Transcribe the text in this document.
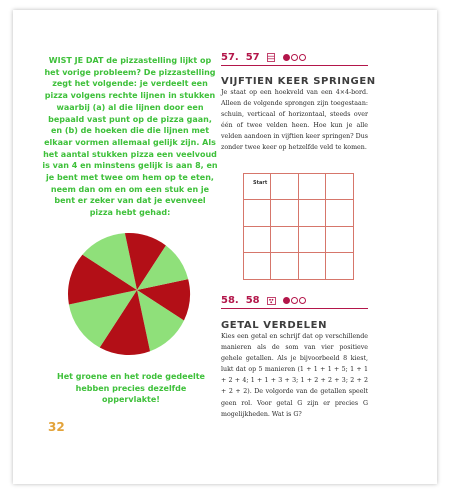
WIST JE DAT de pizzastelling lijkt op het vorige probleem? De pizzastelling zegt het volgende: je verdeelt een pizza volgens rechte lijnen in stukken waarbij (a) al die lijnen door een bepaald vast punt op de pizza gaan, en (b) de hoeken die die lijnen met elkaar vormen allemaal gelijk zijn. Als het aantal stukken pizza een veelvoud is van 4 en minstens gelijk is aan 8, en je bent met twee om hem op te eten, neem dan om en om een stuk en je bent er zeker van dat je evenveel pizza hebt gehad:
Het groene en het rode gedeelte hebben precies dezelfde oppervlakte!
32
57. 57
VIJFTIEN KEER SPRINGEN
Je staat op een hoekveld van een 4×4-bord. Alleen de volgende sprongen zijn toegestaan: schuin, verticaal of horizontaal, steeds over één of twee velden heen. Hoe kun je alle velden aandoen in vijftien keer springen? Dus zonder twee keer op hetzelfde veld te komen.
Start
58. 58
GETAL VERDELEN
Kies een getal en schrijf dat op verschillende manieren als de som van vier positieve gehele getallen. Als je bijvoorbeeld 8 kiest, lukt dat op 5 manieren (1 + 1 + 1 + 5; 1 + 1 + 2 + 4; 1 + 1 + 3 + 3; 1 + 2 + 2 + 3; 2 + 2 + 2 + 2). De volgorde van de getallen speelt geen rol. Voor getal G zijn er precies G mogelijkheden. Wat is G?
